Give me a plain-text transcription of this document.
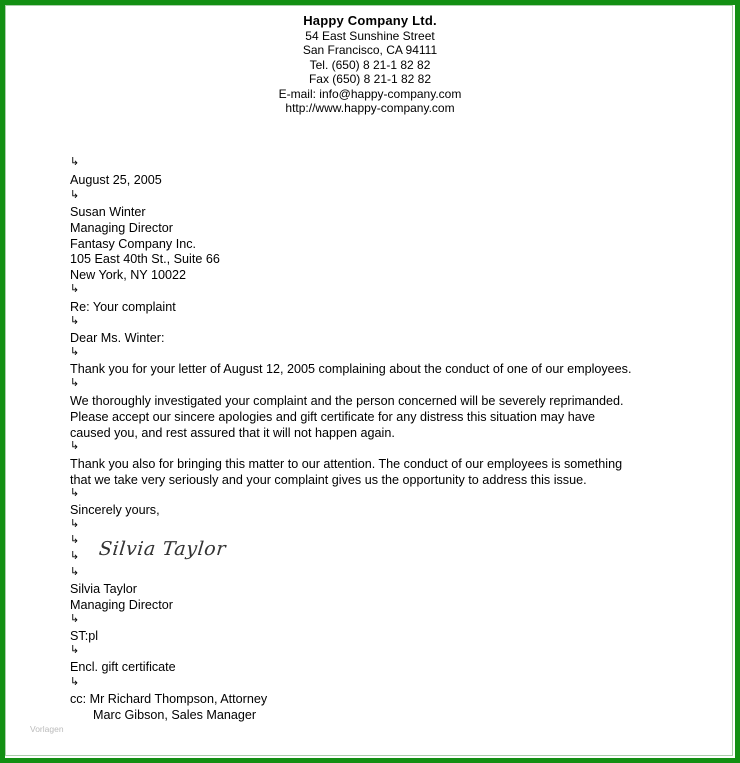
Happy Company Ltd.
54 East Sunshine Street
San Francisco, CA 94111
Tel. (650) 8 21-1 82 82
Fax (650) 8 21-1 82 82
E-mail: info@happy-company.com
http://www.happy-company.com
↳
↳
↳
↳
↳
↳
↳
↳
↳
↳
↳
↳
↳
↳
↳
August 25, 2005
Susan Winter
Managing Director
Fantasy Company Inc.
105 East 40th St., Suite 66
New York, NY 10022
Re: Your complaint
Dear Ms. Winter:
Thank you for your letter of August 12, 2005 complaining about the conduct of one of our employees.
We thoroughly investigated your complaint and the person concerned will be severely reprimanded.
Please accept our sincere apologies and gift certificate for any distress this situation may have
caused you, and rest assured that it will not happen again.
Thank you also for bringing this matter to our attention. The conduct of our employees is something
that we take very seriously and your complaint gives us the opportunity to address this issue.
Sincerely yours,
Silvia Taylor
Silvia Taylor
Managing Director
ST:pl
Encl. gift certificate
cc: Mr Richard Thompson, Attorney
Marc Gibson, Sales Manager
Vorlagen
